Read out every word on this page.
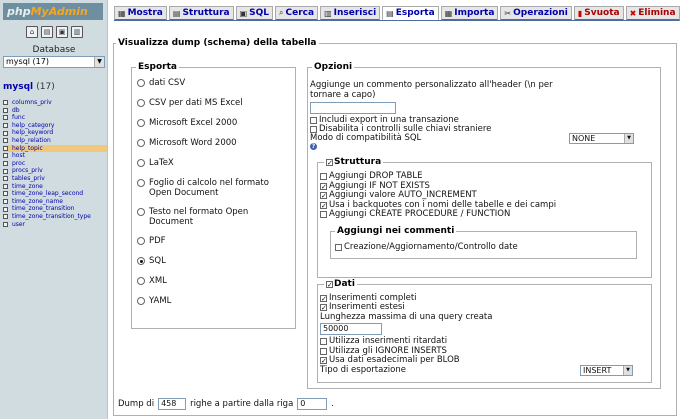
phpMyAdmin
⌂	▤	▣	▥
Database
mysql (17)	▼
mysql (17)
columns_priv
db
func
help_category
help_keyword
help_relation
help_topic
host
proc
procs_priv
tables_priv
time_zone
time_zone_leap_second
time_zone_name
time_zone_transition
time_zone_transition_type
user
▦ Mostra ▤ Struttura ▣ SQL ⌕ Cerca ▥ Inserisci ▤ Esporta ▦ Importa ✂ Operazioni ▮ Svuota ✖ Elimina
Visualizza dump (schema) della tabella
Esporta
dati CSV
CSV per dati MS Excel
Microsoft Excel 2000
Microsoft Word 2000
LaTeX
Foglio di calcolo nel formato Open Document
Testo nel formato Open Document
PDF
SQL
XML
YAML
Opzioni
Aggiunge un commento personalizzato all'header (\n per tornare a capo)
Includi export in una transazione
Disabilita i controlli sulle chiavi straniere
Modo di compatibilità SQL
?
NONE	▼
✓ Struttura
Aggiungi DROP TABLE
✓ Aggiungi IF NOT EXISTS
✓ Aggiungi valore AUTO_INCREMENT
✓ Usa i backquotes con i nomi delle tabelle e dei campi
Aggiungi CREATE PROCEDURE / FUNCTION
Aggiungi nei commenti
Creazione/Aggiornamento/Controllo date
✓ Dati
✓ Inserimenti completi
✓ Inserimenti estesi
Lunghezza massima di una query creata
50000
Utilizza inserimenti ritardati
Utilizza gli IGNORE INSERTS
✓ Usa dati esadecimali per BLOB
Tipo di esportazione	INSERT	▼
Dump di 458	righe a partire dalla riga 0	.
